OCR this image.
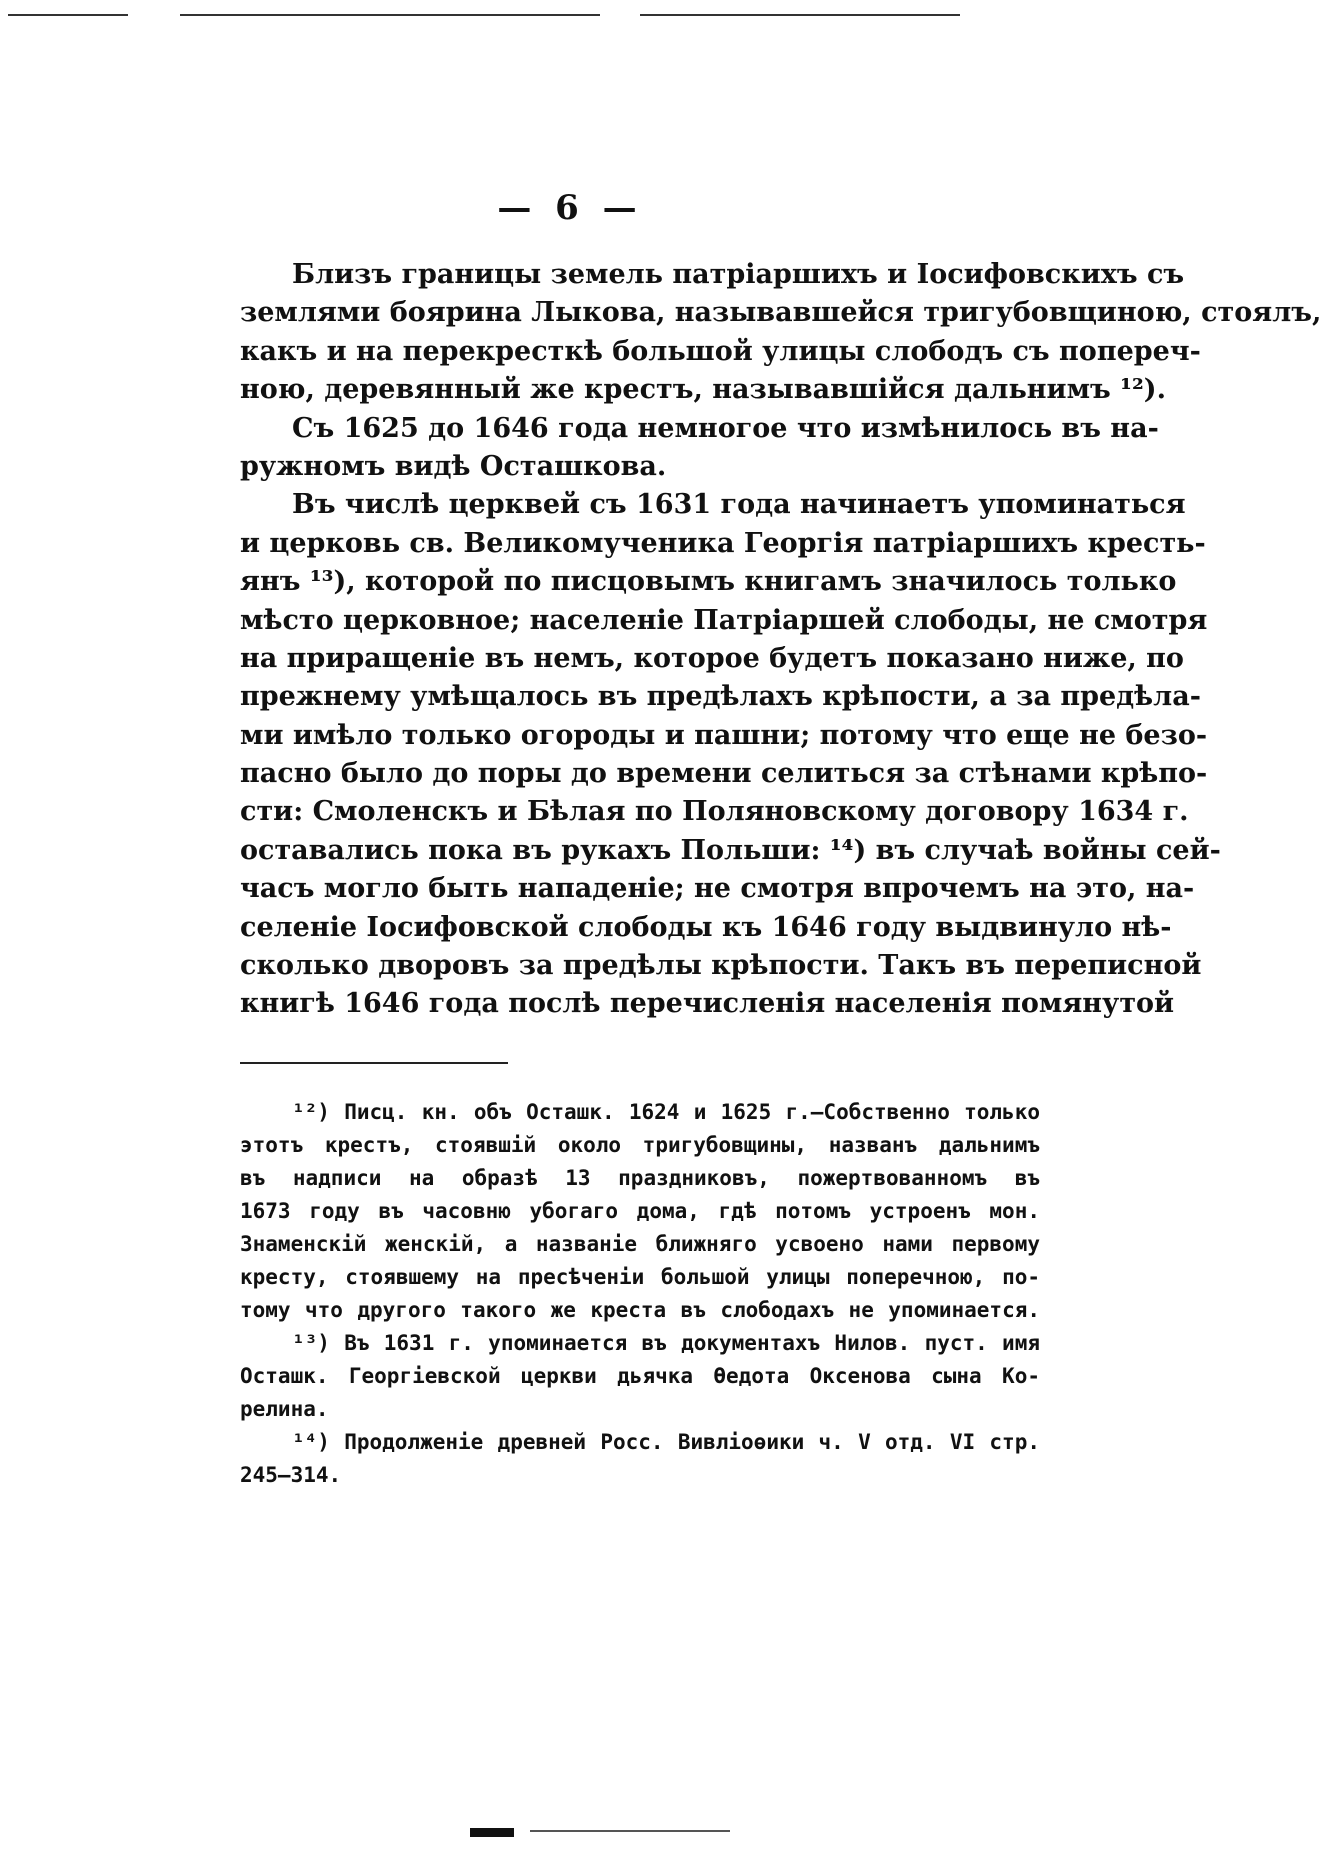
— 6 —
Близъ границы земель патріаршихъ и Іосифовскихъ съ
землями боярина Лыкова, называвшейся тригубовщиною, стоялъ,
какъ и на перекресткѣ большой улицы слободъ съ попереч-
ною, деревянный же крестъ, называвшійся дальнимъ ¹²).
Съ 1625 до 1646 года немногое что измѣнилось въ на-
ружномъ видѣ Осташкова.
Въ числѣ церквей съ 1631 года начинаетъ упоминаться
и церковь св. Великомученика Георгія патріаршихъ кресть-
янъ ¹³), которой по писцовымъ книгамъ значилось только
мѣсто церковное; населеніе Патріаршей слободы, не смотря
на приращеніе въ немъ, которое будетъ показано ниже, по
прежнему умѣщалось въ предѣлахъ крѣпости, а за предѣла-
ми имѣло только огороды и пашни; потому что еще не безо-
пасно было до поры до времени селиться за стѣнами крѣпо-
сти: Смоленскъ и Бѣлая по Поляновскому договору 1634 г.
оставались пока въ рукахъ Польши: ¹⁴) въ случаѣ войны сей-
часъ могло быть нападеніе; не смотря впрочемъ на это, на-
селеніе Іосифовской слободы къ 1646 году выдвинуло нѣ-
сколько дворовъ за предѣлы крѣпости. Такъ въ переписной
книгѣ 1646 года послѣ перечисленія населенія помянутой
¹²) Писц. кн. объ Осташк. 1624 и 1625 г.—Собственно только
этотъ крестъ, стоявшій около тригубовщины, названъ дальнимъ
въ надписи на образѣ 13 праздниковъ, пожертвованномъ въ
1673 году въ часовню убогаго дома, гдѣ потомъ устроенъ мон.
Знаменскій женскій, а названіе ближняго усвоено нами первому
кресту, стоявшему на пресѣченіи большой улицы поперечною, по-
тому что другого такого же креста въ слободахъ не упоминается.
¹³) Въ 1631 г. упоминается въ документахъ Нилов. пуст. имя
Осташк. Георгіевской церкви дьячка Ѳедота Оксенова сына Ко-
релина.
¹⁴) Продолженіе древней Росс. Вивліоѳики ч. V отд. VI стр.
245—314.
